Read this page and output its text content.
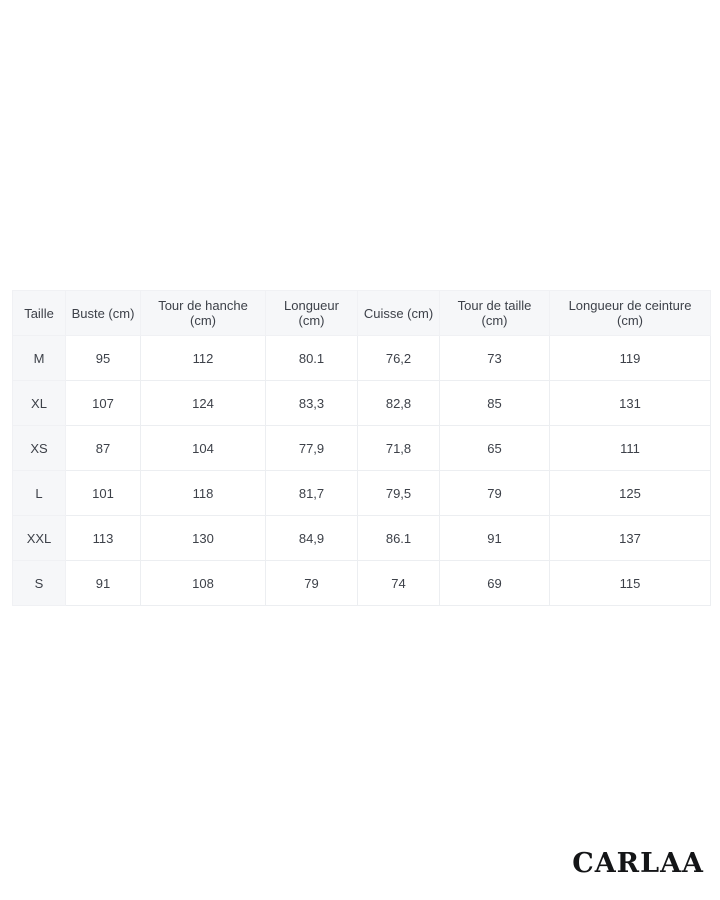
Taille	Buste (cm)	Tour de hanche (cm)	Longueur (cm)	Cuisse (cm)	Tour de taille (cm)	Longueur de ceinture (cm)
M	95	112	80.1	76,2	73	119
XL	107	124	83,3	82,8	85	131
XS	87	104	77,9	71,8	65	111
L	101	118	81,7	79,5	79	125
XXL	113	130	84,9	86.1	91	137
S	91	108	79	74	69	115
CARLAA
